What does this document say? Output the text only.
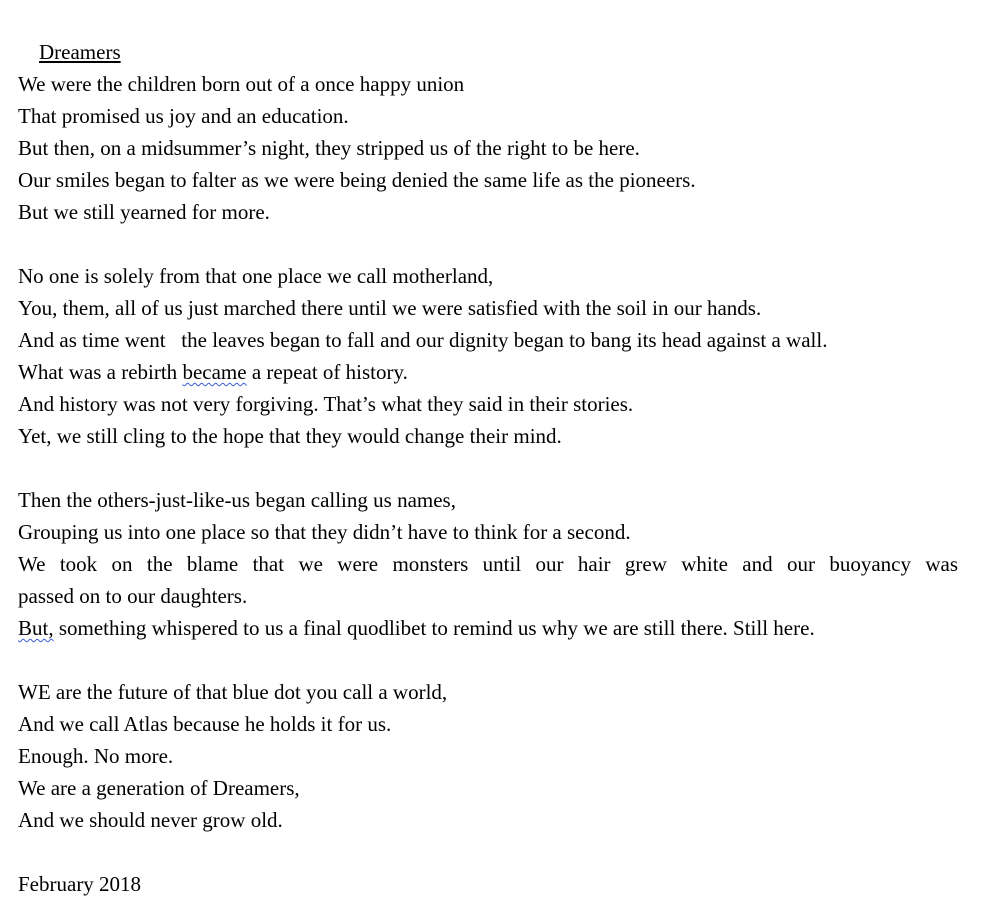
Dreamers

We were the children born out of a once happy union
That promised us joy and an education.
But then, on a midsummer’s night, they stripped us of the right to be here.
Our smiles began to falter as we were being denied the same life as the pioneers.
But we still yearned for more.
No one is solely from that one place we call motherland,
You, them, all of us just marched there until we were satisfied with the soil in our hands.
And as time went   the leaves began to fall and our dignity began to bang its head against a wall.
What was a rebirth became a repeat of history.
And history was not very forgiving. That’s what they said in their stories.
Yet, we still cling to the hope that they would change their mind.
Then the others-just-like-us began calling us names,
Grouping us into one place so that they didn’t have to think for a second.
We took on the blame that we were monsters until our hair grew white and our buoyancy was
passed on to our daughters.
But, something whispered to us a final quodlibet to remind us why we are still there. Still here.
WE are the future of that blue dot you call a world,
And we call Atlas because he holds it for us.
Enough. No more.
We are a generation of Dreamers,
And we should never grow old.
February 2018
